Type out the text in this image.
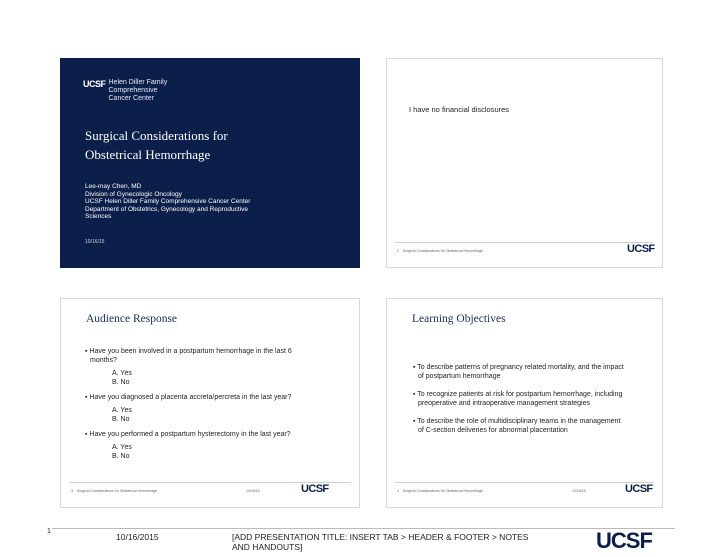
UCSF Helen Diller Family
Comprehensive
Cancer Center
Surgical Considerations for
Obstetrical Hemorrhage
Lee-may Chen, MD
Division of Gynecologic Oncology
UCSF Helen Diller Family Comprehensive Cancer Center
Department of Obstetrics, Gynecology and Reproductive
Sciences
10/16/15
I have no financial disclosures
2 Surgical Considerations for Obstetrical Hemorrhage	UCSF
Audience Response
▪ Have you been involved in a postpartum hemorrhage in the last 6
months?
A. Yes
B. No
▪ Have you diagnosed a placenta accreta/percreta in the last year?
A. Yes
B. No
▪ Have you performed a postpartum hysterectomy in the last year?
A. Yes
B. No
3 Surgical Considerations for Obstetrical Hemorrhage	10/16/15	UCSF
Learning Objectives
▪ To describe patterns of pregnancy related mortality, and the impact
of postpartum hemorrhage
▪ To recognize patients at risk for postpartum hemorrhage, including
preoperative and intraoperative management strategies
▪ To describe the role of multidisciplinary teams in the management
of C-section deliveries for abnormal placentation
4 Surgical Considerations for Obstetrical Hemorrhage	10/16/15	UCSF
1
10/16/2015	[ADD PRESENTATION TITLE: INSERT TAB > HEADER & FOOTER > NOTES
AND HANDOUTS]	UCSF
